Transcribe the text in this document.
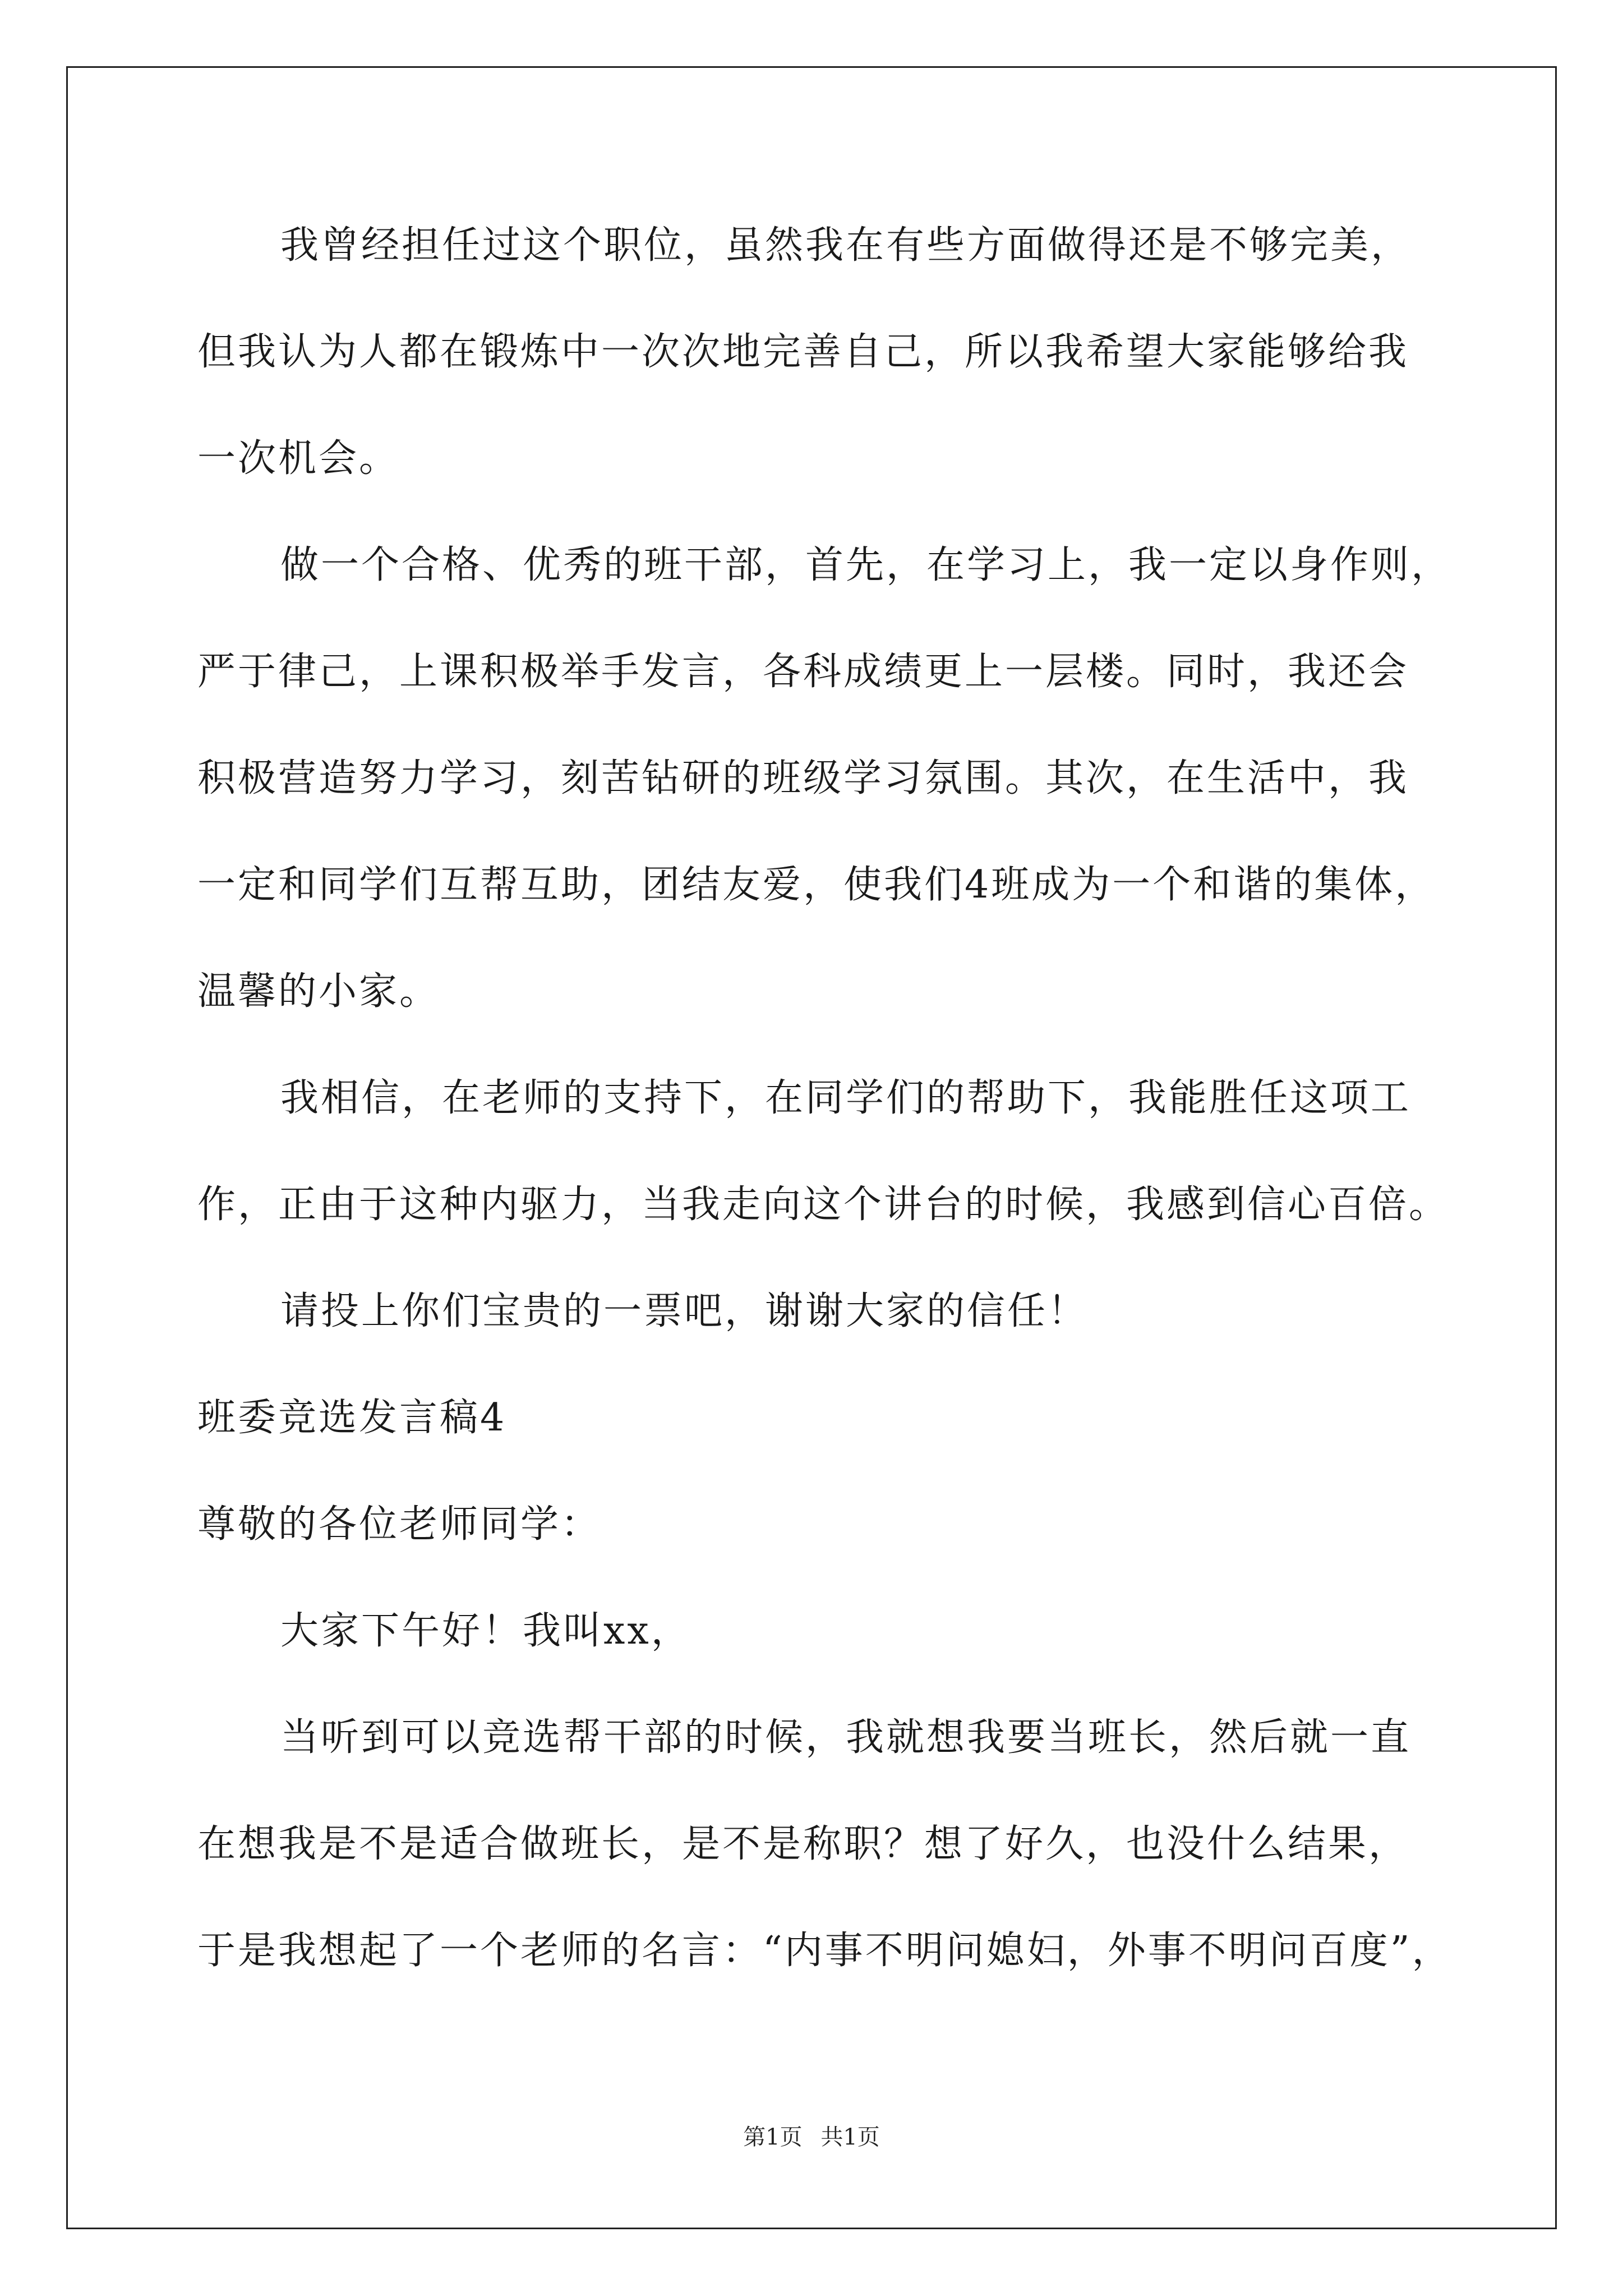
我曾经担任过这个职位，虽然我在有些方面做得还是不够完美，
但我认为人都在锻炼中一次次地完善自己，所以我希望大家能够给我
一次机会。
做一个合格、优秀的班干部，首先，在学习上，我一定以身作则，
严于律己，上课积极举手发言，各科成绩更上一层楼。同时，我还会
积极营造努力学习，刻苦钻研的班级学习氛围。其次，在生活中，我
一定和同学们互帮互助，团结友爱，使我们4班成为一个和谐的集体，
温馨的小家。
我相信，在老师的支持下，在同学们的帮助下，我能胜任这项工
作，正由于这种内驱力，当我走向这个讲台的时候，我感到信心百倍。
请投上你们宝贵的一票吧，谢谢大家的信任！
班委竞选发言稿4
尊敬的各位老师同学：
大家下午好！我叫xx，
当听到可以竞选帮干部的时候，我就想我要当班长，然后就一直
在想我是不是适合做班长，是不是称职？想了好久，也没什么结果，
于是我想起了一个老师的名言：“内事不明问媳妇，外事不明问百度”，
第1页 共1页
